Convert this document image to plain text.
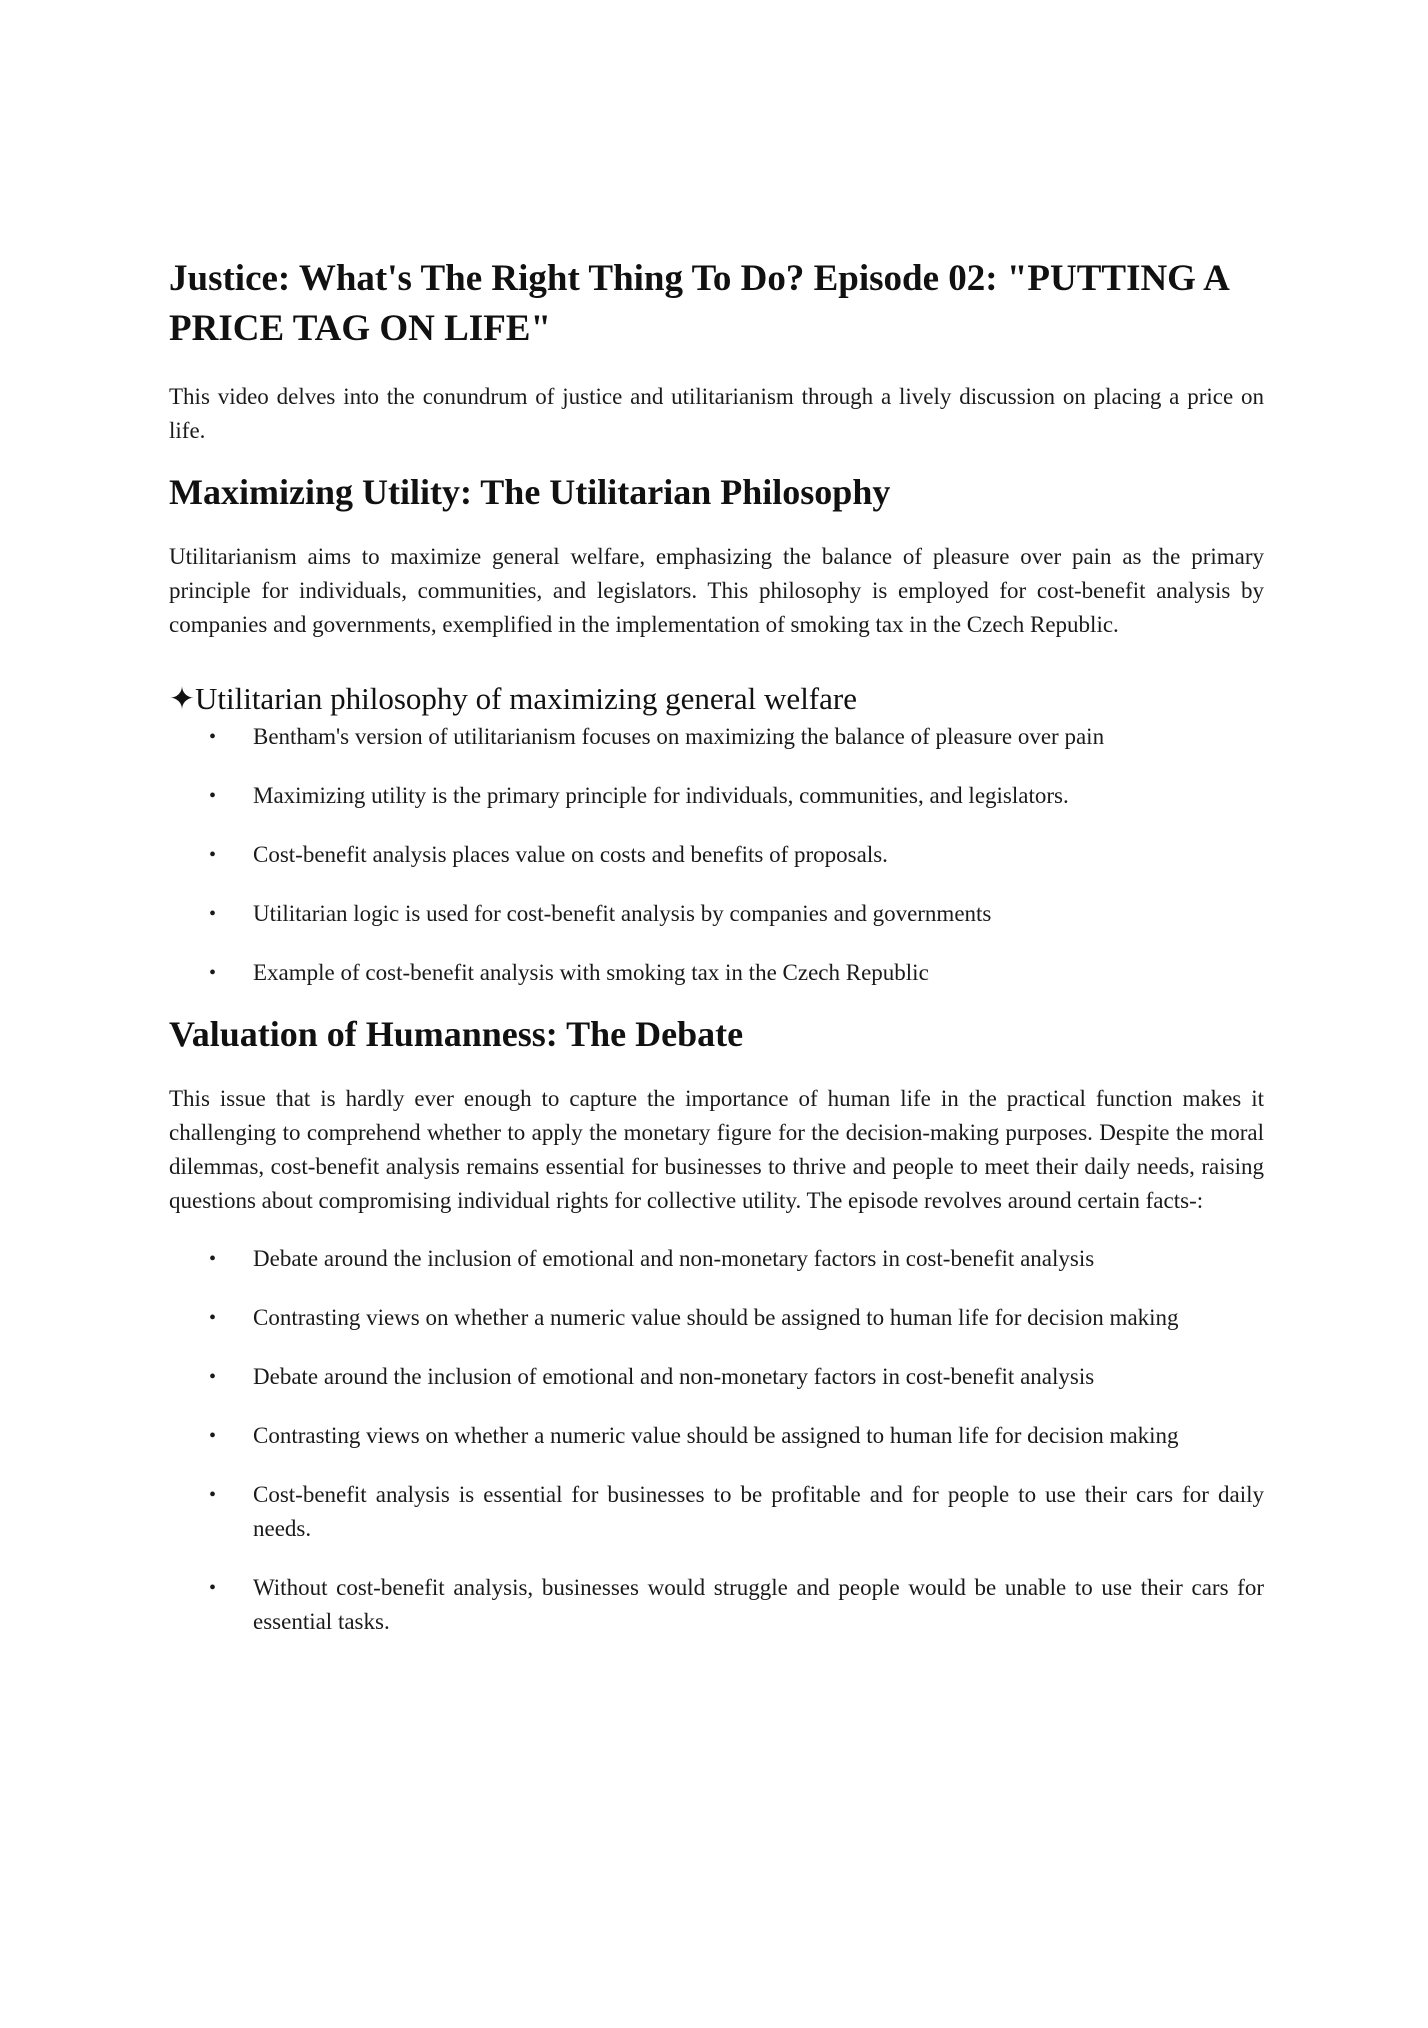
Justice: What's The Right Thing To Do? Episode 02: "PUTTING A PRICE TAG ON LIFE"

This video delves into the conundrum of justice and utilitarianism through a lively discussion on placing a price on life.

Maximizing Utility: The Utilitarian Philosophy

Utilitarianism aims to maximize general welfare, emphasizing the balance of pleasure over pain as the primary principle for individuals, communities, and legislators. This philosophy is employed for cost-benefit analysis by companies and governments, exemplified in the implementation of smoking tax in the Czech Republic.

✦Utilitarian philosophy of maximizing general welfare
• Bentham's version of utilitarianism focuses on maximizing the balance of pleasure over pain
• Maximizing utility is the primary principle for individuals, communities, and legislators.
• Cost-benefit analysis places value on costs and benefits of proposals.
• Utilitarian logic is used for cost-benefit analysis by companies and governments
• Example of cost-benefit analysis with smoking tax in the Czech Republic
Valuation of Humanness: The Debate

This issue that is hardly ever enough to capture the importance of human life in the practical function makes it challenging to comprehend whether to apply the monetary figure for the decision-making purposes. Despite the moral dilemmas, cost-benefit analysis remains essential for businesses to thrive and people to meet their daily needs, raising questions about compromising individual rights for collective utility. The episode revolves around certain facts-:

• Debate around the inclusion of emotional and non-monetary factors in cost-benefit analysis
• Contrasting views on whether a numeric value should be assigned to human life for decision making
• Debate around the inclusion of emotional and non-monetary factors in cost-benefit analysis
• Contrasting views on whether a numeric value should be assigned to human life for decision making
• Cost-benefit analysis is essential for businesses to be profitable and for people to use their cars for daily needs.
• Without cost-benefit analysis, businesses would struggle and people would be unable to use their cars for essential tasks.
